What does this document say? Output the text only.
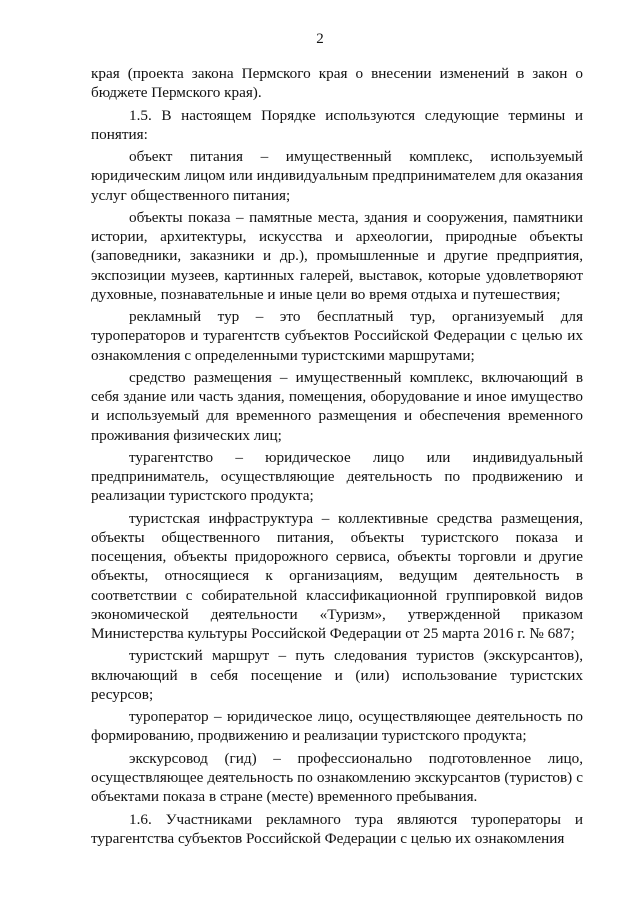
2

края (проекта закона Пермского края о внесении изменений в закон о бюджете Пермского края).

1.5. В настоящем Порядке используются следующие термины и понятия:

объект питания – имущественный комплекс, используемый юридическим лицом или индивидуальным предпринимателем для оказания услуг общественного питания;

объекты показа – памятные места, здания и сооружения, памятники истории, архитектуры, искусства и археологии, природные объекты (заповедники, заказники и др.), промышленные и другие предприятия, экспозиции музеев, картинных галерей, выставок, которые удовлетворяют духовные, познавательные и иные цели во время отдыха и путешествия;

рекламный тур – это бесплатный тур, организуемый для туроператоров и турагентств субъектов Российской Федерации с целью их ознакомления с определенными туристскими маршрутами;

средство размещения – имущественный комплекс, включающий в себя здание или часть здания, помещения, оборудование и иное имущество и используемый для временного размещения и обеспечения временного проживания физических лиц;

турагентство – юридическое лицо или индивидуальный предприниматель, осуществляющие деятельность по продвижению и реализации туристского продукта;

туристская инфраструктура – коллективные средства размещения, объекты общественного питания, объекты туристского показа и посещения, объекты придорожного сервиса, объекты торговли и другие объекты, относящиеся к организациям, ведущим деятельность в соответствии с собирательной классификационной группировкой видов экономической деятельности «Туризм», утвержденной приказом Министерства культуры Российской Федерации от 25 марта 2016 г. № 687;

туристский маршрут – путь следования туристов (экскурсантов), включающий в себя посещение и (или) использование туристских ресурсов;

туроператор – юридическое лицо, осуществляющее деятельность по формированию, продвижению и реализации туристского продукта;

экскурсовод (гид) – профессионально подготовленное лицо, осуществляющее деятельность по ознакомлению экскурсантов (туристов) с объектами показа в стране (месте) временного пребывания.

1.6. Участниками рекламного тура являются туроператоры и турагентства субъектов Российской Федерации с целью их ознакомления
